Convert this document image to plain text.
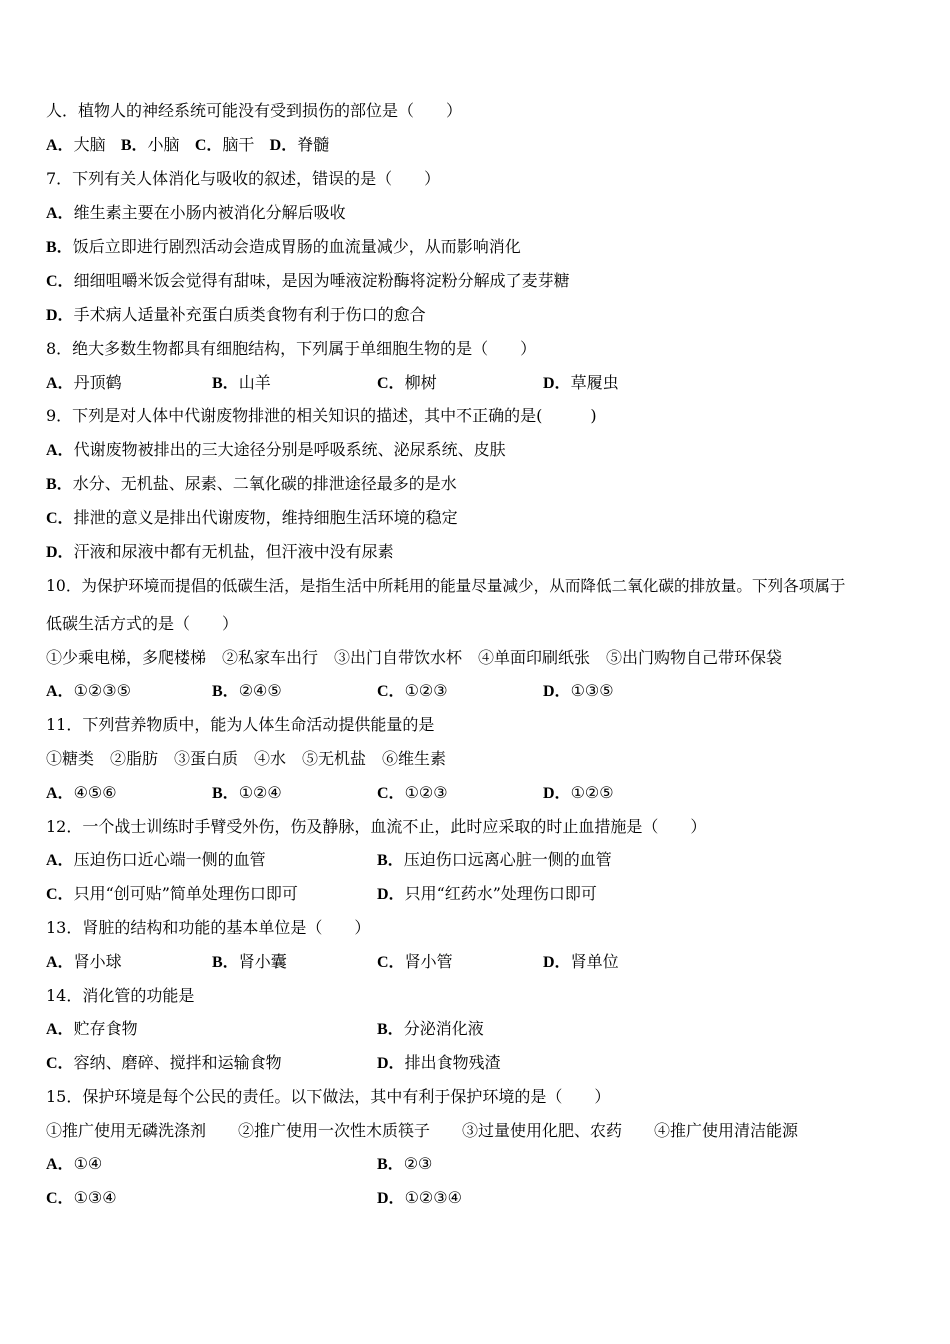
人．植物人的神经系统可能没有受到损伤的部位是（　　）
A．大脑 B．小脑 C．脑干 D．脊髓
7．下列有关人体消化与吸收的叙述，错误的是（　　）
A．维生素主要在小肠内被消化分解后吸收
B．饭后立即进行剧烈活动会造成胃肠的血流量减少，从而影响消化
C．细细咀嚼米饭会觉得有甜味，是因为唾液淀粉酶将淀粉分解成了麦芽糖
D．手术病人适量补充蛋白质类食物有利于伤口的愈合
8．绝大多数生物都具有细胞结构，下列属于单细胞生物的是（　　）
A．丹顶鹤	B．山羊	C．柳树	D．草履虫
9．下列是对人体中代谢废物排泄的相关知识的描述，其中不正确的是(　　　)
A．代谢废物被排出的三大途径分别是呼吸系统、泌尿系统、皮肤
B．水分、无机盐、尿素、二氧化碳的排泄途径最多的是水
C．排泄的意义是排出代谢废物，维持细胞生活环境的稳定
D．汗液和尿液中都有无机盐，但汗液中没有尿素
10．为保护环境而提倡的低碳生活，是指生活中所耗用的能量尽量减少，从而降低二氧化碳的排放量。下列各项属于
低碳生活方式的是（　　）
①少乘电梯，多爬楼梯　②私家车出行　③出门自带饮水杯　④单面印刷纸张　⑤出门购物自己带环保袋
A．①②③⑤	B．②④⑤	C．①②③	D．①③⑤
11．下列营养物质中，能为人体生命活动提供能量的是
①糖类　②脂肪　③蛋白质　④水　⑤无机盐　⑥维生素
A．④⑤⑥	B．①②④	C．①②③	D．①②⑤
12．一个战士训练时手臂受外伤，伤及静脉，血流不止，此时应采取的时止血措施是（　　）
A．压迫伤口近心端一侧的血管	B．压迫伤口远离心脏一侧的血管
C．只用“创可贴”简单处理伤口即可	D．只用“红药水”处理伤口即可
13．肾脏的结构和功能的基本单位是（　　）
A．肾小球	B．肾小囊	C．肾小管	D．肾单位
14．消化管的功能是
A．贮存食物	B．分泌消化液
C．容纳、磨碎、搅拌和运输食物	D．排出食物残渣
15．保护环境是每个公民的责任。以下做法，其中有利于保护环境的是（　　）
①推广使用无磷洗涤剂　　②推广使用一次性木质筷子　　③过量使用化肥、农药　　④推广使用清洁能源
A．①④	B．②③
C．①③④	D．①②③④
